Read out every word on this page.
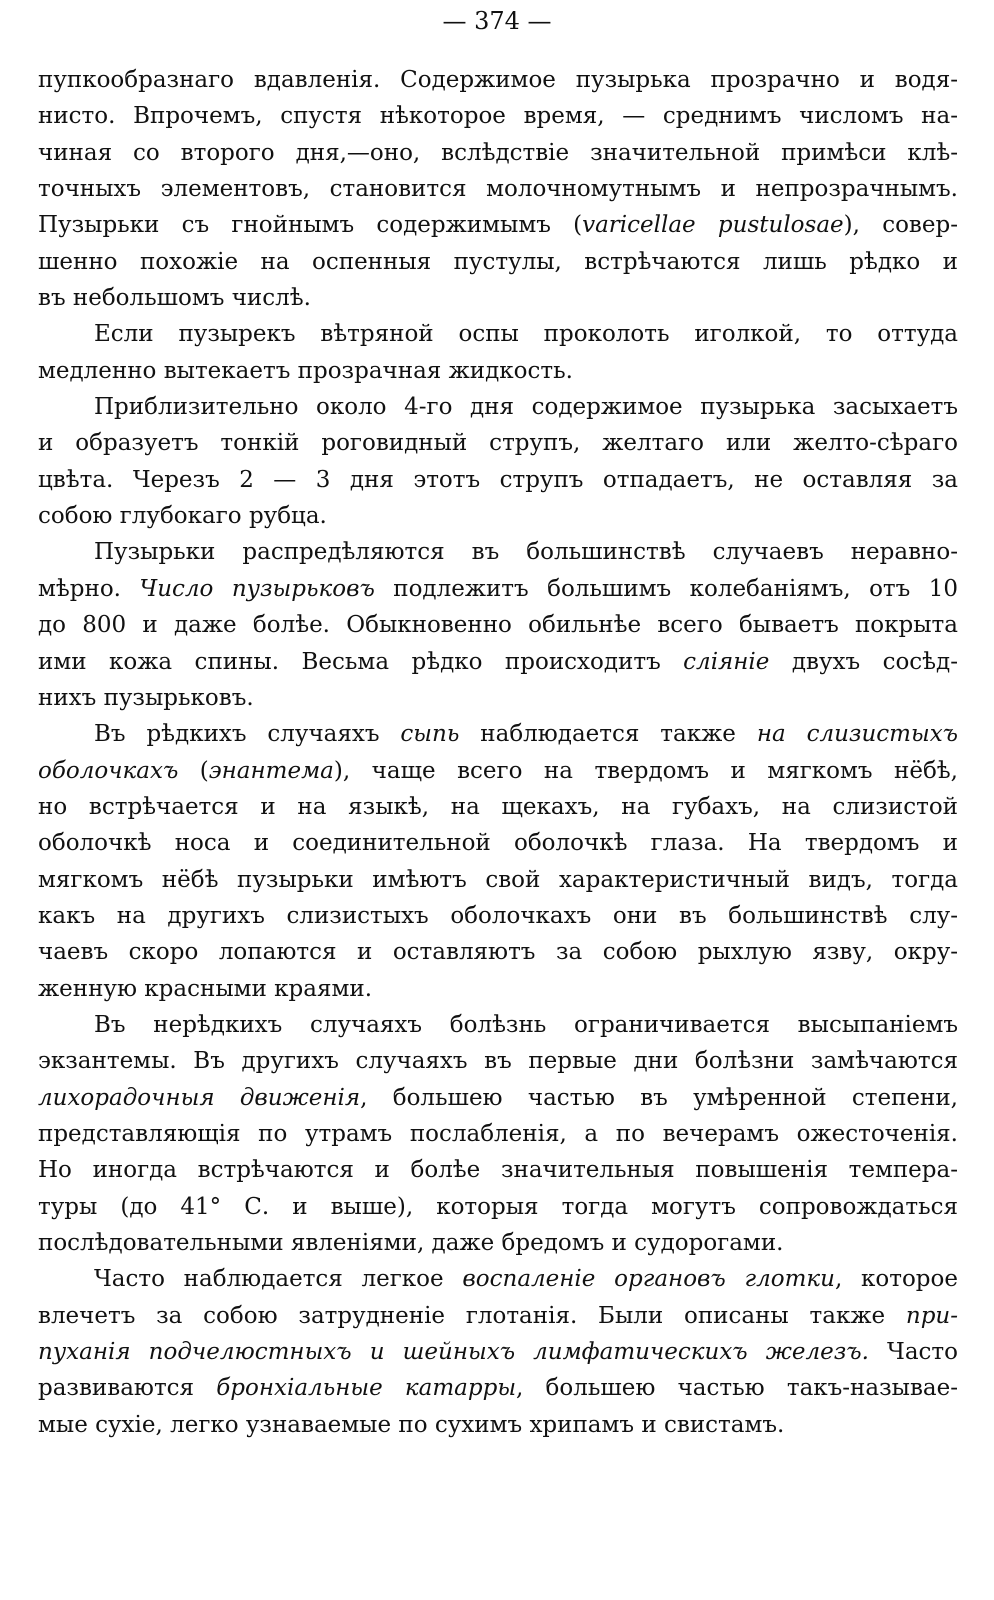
— 374 —
пупкообразнаго вдавленія. Содержимое пузырька прозрачно и водя-
нисто. Впрочемъ, спустя нѣкоторое время, — среднимъ числомъ на-
чиная со второго дня,—оно, вслѣдствіе значительной примѣси клѣ-
точныхъ элементовъ, становится молочномутнымъ и непрозрачнымъ.
Пузырьки съ гнойнымъ содержимымъ (varicellae pustulosae), совер-
шенно похожіе на оспенныя пустулы, встрѣчаются лишь рѣдко и
въ небольшомъ числѣ.
Если пузырекъ вѣтряной оспы проколоть иголкой, то оттуда
медленно вытекаетъ прозрачная жидкость.
Приблизительно около 4-го дня содержимое пузырька засыхаетъ
и образуетъ тонкій роговидный струпъ, желтаго или желто-сѣраго
цвѣта. Черезъ 2 — 3 дня этотъ струпъ отпадаетъ, не оставляя за
собою глубокаго рубца.
Пузырьки распредѣляются въ большинствѣ случаевъ неравно-
мѣрно. Число пузырьковъ подлежитъ большимъ колебаніямъ, отъ 10
до 800 и даже болѣе. Обыкновенно обильнѣе всего бываетъ покрыта
ими кожа спины. Весьма рѣдко происходитъ сліяніе двухъ сосѣд-
нихъ пузырьковъ.
Въ рѣдкихъ случаяхъ сыпь наблюдается также на слизистыхъ
оболочкахъ (энантема), чаще всего на твердомъ и мягкомъ нёбѣ,
но встрѣчается и на языкѣ, на щекахъ, на губахъ, на слизистой
оболочкѣ носа и соединительной оболочкѣ глаза. На твердомъ и
мягкомъ нёбѣ пузырьки имѣютъ свой характеристичный видъ, тогда
какъ на другихъ слизистыхъ оболочкахъ они въ большинствѣ слу-
чаевъ скоро лопаются и оставляютъ за собою рыхлую язву, окру-
женную красными краями.
Въ нерѣдкихъ случаяхъ болѣзнь ограничивается высыпаніемъ
экзантемы. Въ другихъ случаяхъ въ первые дни болѣзни замѣчаются
лихорадочныя движенія, большею частью въ умѣренной степени,
представляющія по утрамъ послабленія, а по вечерамъ ожесточенія.
Но иногда встрѣчаются и болѣе значительныя повышенія темпера-
туры (до 41° С. и выше), которыя тогда могутъ сопровождаться
послѣдовательными явленіями, даже бредомъ и судорогами.
Часто наблюдается легкое воспаленіе органовъ глотки, которое
влечетъ за собою затрудненіе глотанія. Были описаны также при-
пуханія подчелюстныхъ и шейныхъ лимфатическихъ железъ. Часто
развиваются бронхіальные катарры, большею частью такъ-называе-
мые сухіе, легко узнаваемые по сухимъ хрипамъ и свистамъ.
